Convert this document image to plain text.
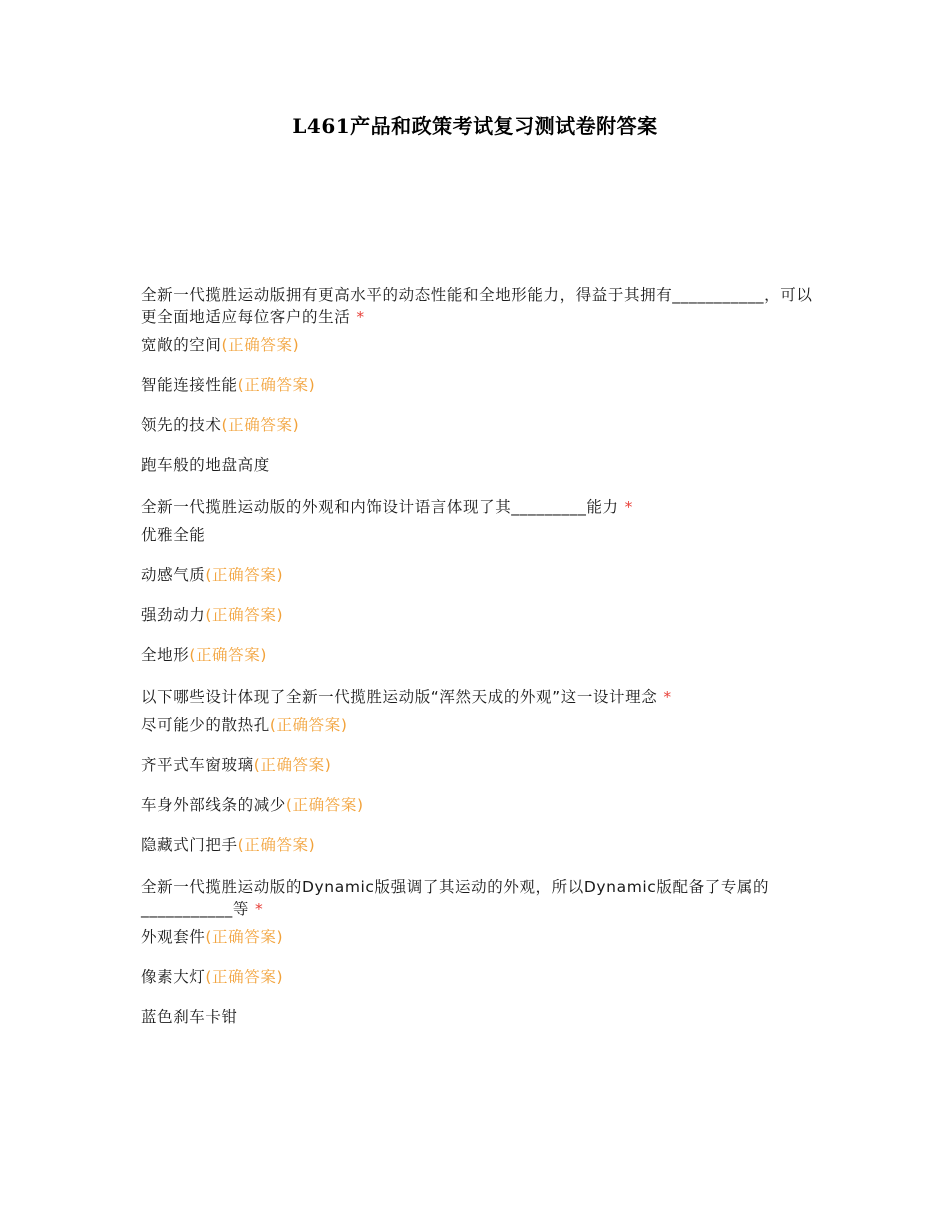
L461产品和政策考试复习测试卷附答案
全新一代揽胜运动版拥有更高水平的动态性能和全地形能力，得益于其拥有___________，可以更全面地适应每位客户的生活 *
宽敞的空间(正确答案)
智能连接性能(正确答案)
领先的技术(正确答案)
跑车般的地盘高度
全新一代揽胜运动版的外观和内饰设计语言体现了其_________能力 *
优雅全能
动感气质(正确答案)
强劲动力(正确答案)
全地形(正确答案)
以下哪些设计体现了全新一代揽胜运动版“浑然天成的外观”这一设计理念 *
尽可能少的散热孔(正确答案)
齐平式车窗玻璃(正确答案)
车身外部线条的减少(正确答案)
隐藏式门把手(正确答案)
全新一代揽胜运动版的Dynamic版强调了其运动的外观，所以Dynamic版配备了专属的___________等 *
外观套件(正确答案)
像素大灯(正确答案)
蓝色刹车卡钳
